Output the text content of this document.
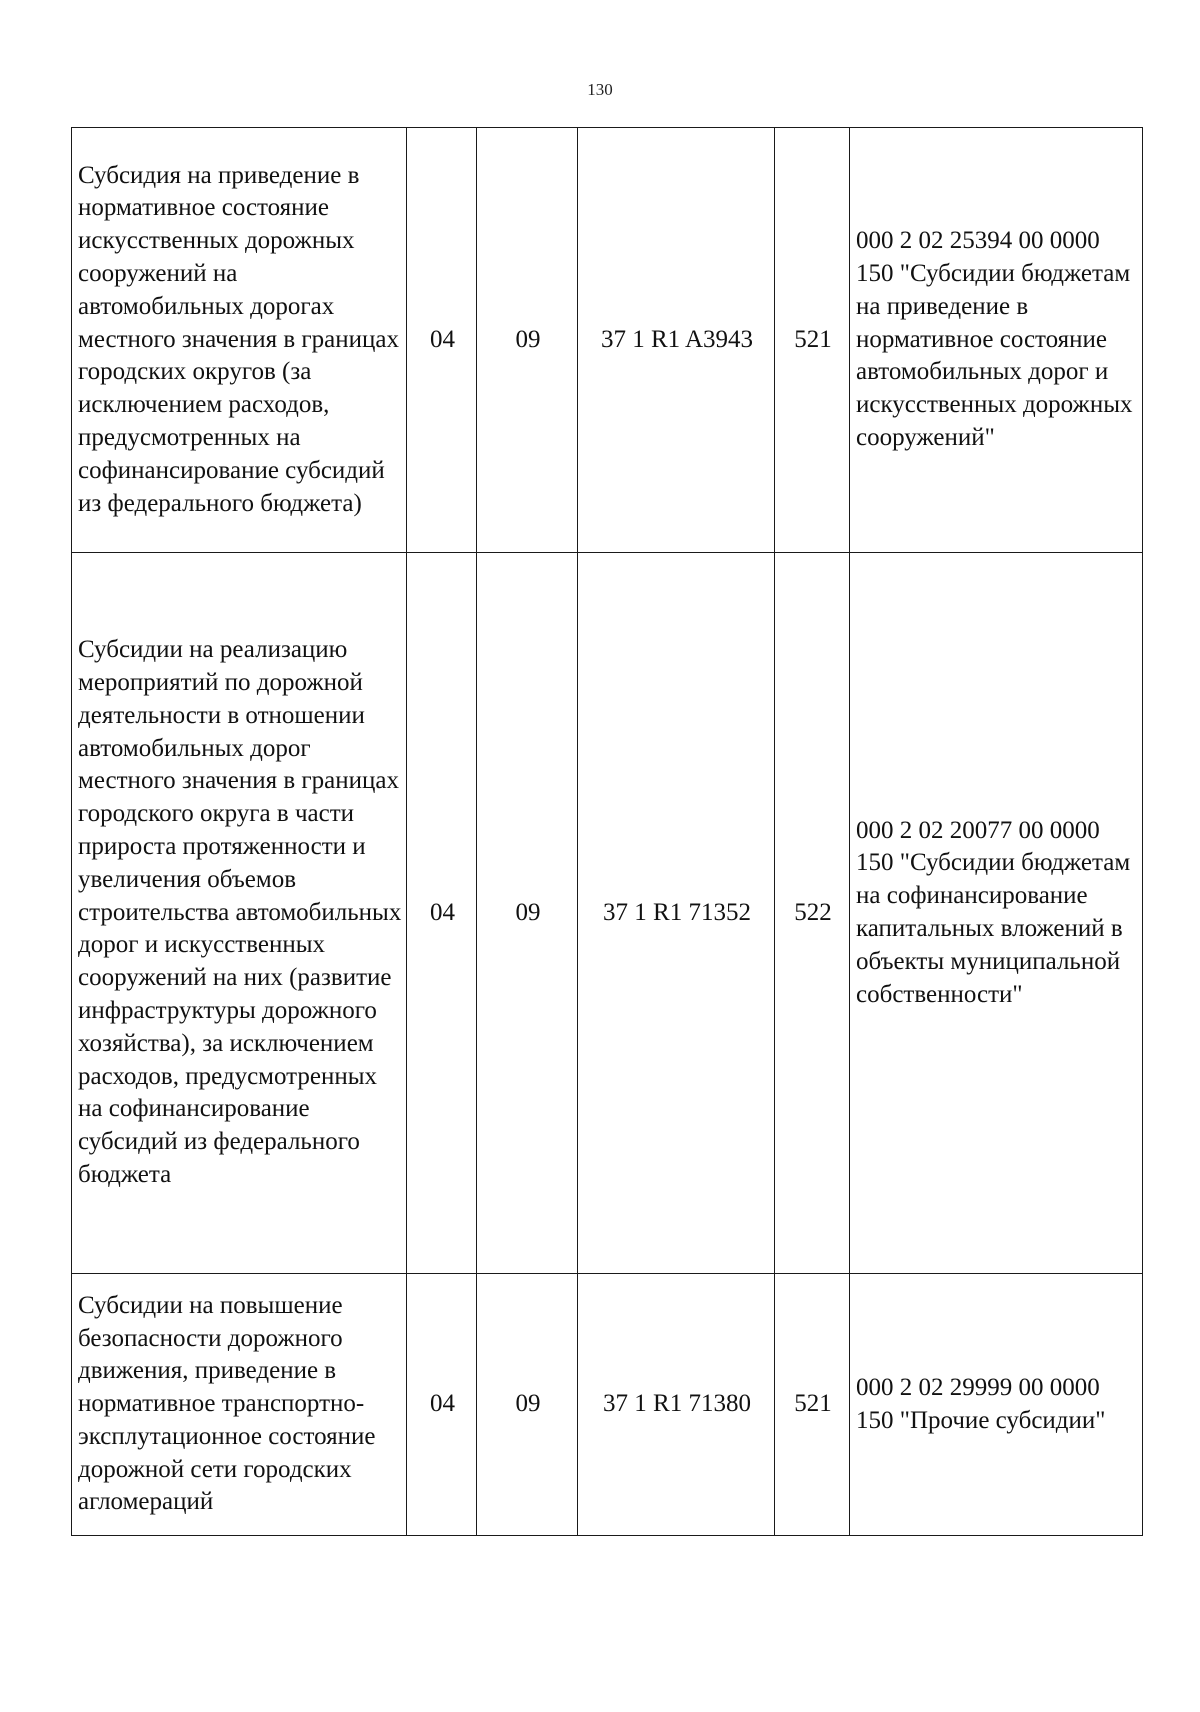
130
Субсидия на приведение в нормативное состояние искусственных дорожных сооружений на автомобильных дорогах местного значения в границах городских округов (за исключением расходов, предусмотренных на софинансирование субсидий из федерального бюджета)	04	09	37 1 R1 A3943	521	000 2 02 25394 00 0000 150 "Субсидии бюджетам на приведение в нормативное состояние автомобильных дорог и искусственных дорожных сооружений"
Субсидии на реализацию мероприятий по дорожной деятельности в отношении автомобильных дорог местного значения в границах городского округа в части прироста протяженности и увеличения объемов строительства автомобильных дорог и искусственных сооружений на них (развитие инфраструктуры дорожного хозяйства), за исключением расходов, предусмотренных на софинансирование субсидий из федерального бюджета	04	09	37 1 R1 71352	522	000 2 02 20077 00 0000 150 "Субсидии бюджетам на софинансирование капитальных вложений в объекты муниципальной собственности"
Субсидии на повышение безопасности дорожного движения, приведение в нормативное транспортно-эксплутационное состояние дорожной сети городских агломераций	04	09	37 1 R1 71380	521	000 2 02 29999 00 0000 150 "Прочие субсидии"
